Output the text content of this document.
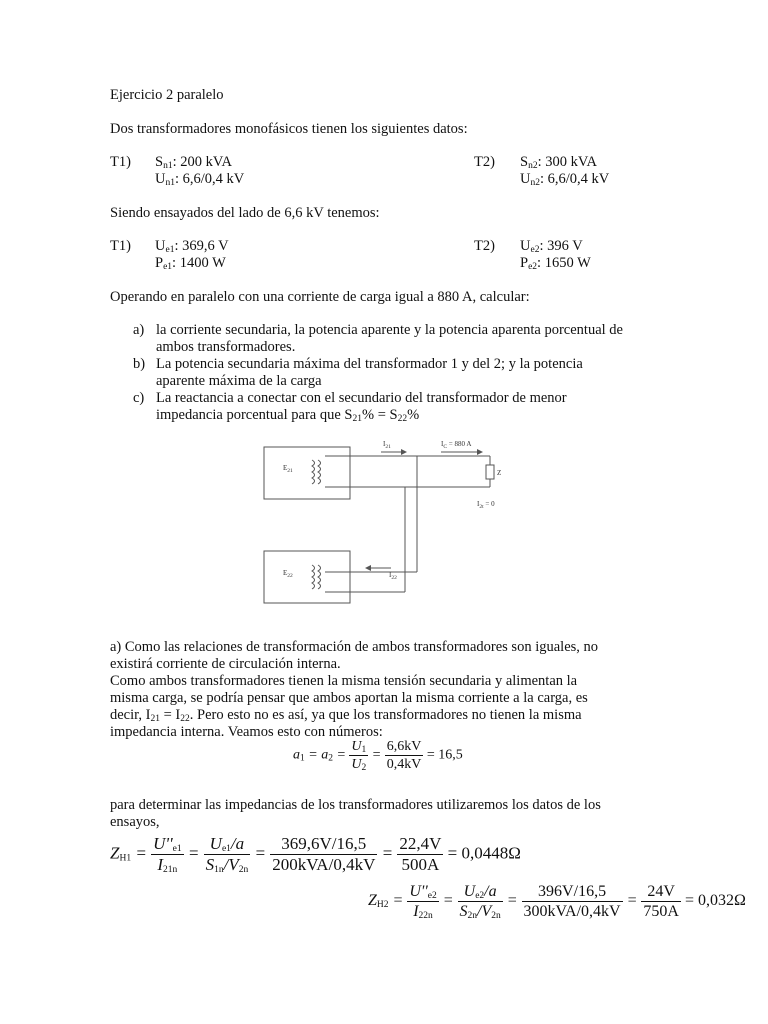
Ejercicio 2 paralelo
Dos transformadores monofásicos tienen los siguientes datos:
T1) $S_{n1}$: 200 kVA
$U_{n1}$: 6,6/0,4 kV
T2) $S_{n2}$: 300 kVA
$U_{n2}$: 6,6/0,4 kV
Siendo ensayados del lado de 6,6 kV tenemos:
T1) $U_{e1}$: 369,6 V
$P_{e1}$: 1400 W
T2) $U_{e2}$: 396 V
$P_{e2}$: 1650 W
Operando en paralelo con una corriente de carga igual a 880 A, calcular:
a) la corriente secundaria, la potencia aparente y la potencia aparenta porcentual de
ambos transformadores.
b) La potencia secundaria máxima del transformador 1 y del 2; y la potencia
aparente máxima de la carga
c) La reactancia a conectar con el secundario del transformador de menor
impedancia porcentual para que $S_{21}\% = S_{22}\%$
$E_{21}$
$E_{22}$
$I_{21}$
$I_{22}$
$I_C = 880$ A
Z
$I_{2t} = 0$
a) Como las relaciones de transformación de ambos transformadores son iguales, no
existirá corriente de circulación interna.
Como ambos transformadores tienen la misma tensión secundaria y alimentan la
misma carga, se podría pensar que ambos aportan la misma corriente a la carga, es
decir, $I_{21} = I_{22}$. Pero esto no es así, ya que los transformadores no tienen la misma
impedancia interna. Veamos esto con números:
$a_1 = a_2 = \frac{U_1}{U_2} = \frac{6,6kV}{0,4kV} = 16,5$
para determinar las impedancias de los transformadores utilizaremos los datos de los
ensayos,
$Z_{H1} = \frac{U''_{e1}}{I_{21n}} = \frac{U_{e1}/a}{S_{1n}/V_{2n}} = \frac{369,6V/16,5}{\text{200kVA/0,4kV}} = \frac{22,4V}{500A} = 0,0448\Omega$
$Z_{H2} = \frac{U''_{e2}}{I_{22n}} = \frac{U_{e2}/a}{S_{2n}/V_{2n}} = \frac{396V/16,5}{\text{300kVA/0,4kV}} = \frac{24V}{750A} = 0,032\Omega$
